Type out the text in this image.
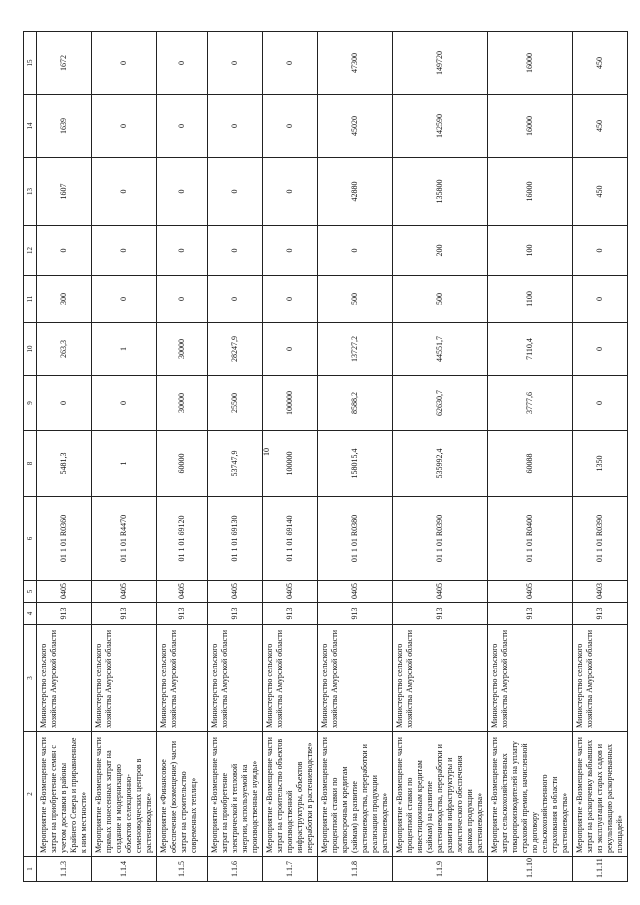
10
1	2	3	4	5	6	8	9	10	11	12	13	14	15
1.1.3	Мероприятие «Возмещение части затрат на приобретение семян с учетом доставки в районы Крайнего Севера и приравненные к ним местности»	Министерство сельского хозяйства Амурской области	913	0405	01 1 01 R0360	5481,3	0	263,3	300	0	1607	1639	1672
1.1.4	Мероприятие «Возмещение части прямых понесенных затрат на создание и модернизацию объектов селекционно-семеноводческих центров в растениеводстве»	Министерство сельского хозяйства Амурской области	913	0405	01 1 01 R4470	1	0	1	0	0	0	0	0
1.1.5	Мероприятие «Финансовое обеспечение (возмещение) части затрат на строительство современных теплиц»	Министерство сельского хозяйства Амурской области	913	0405	01 1 01 69120	60000	30000	30000	0	0	0	0	0
1.1.6	Мероприятие «Возмещение части затрат на приобретение электрической и тепловой энергии, используемой на производственные нужды»	Министерство сельского хозяйства Амурской области	913	0405	01 1 01 69130	53747,9	25500	28247,9	0	0	0	0	0
1.1.7	Мероприятие «Возмещение части затрат на строительство объектов производственной инфраструктуры, объектов переработки в растениеводстве»	Министерство сельского хозяйства Амурской области	913	0405	01 1 01 69140	100000	100000	0	0	0	0	0	0
1.1.8	Мероприятие «Возмещение части процентной ставки по краткосрочным кредитам (займам) на развитие растениеводства, переработки и реализации продукции растениеводства»	Министерство сельского хозяйства Амурской области	913	0405	01 1 01 R0380	158015,4	8588,2	13727,2	500	0	42880	45020	47300
1.1.9	Мероприятие «Возмещение части процентной ставки по инвестиционным кредитам (займам) на развитие растениеводства, переработки и развития инфраструктуры и логистического обеспечения рынков продукции растениеводства»	Министерство сельского хозяйства Амурской области	913	0405	01 1 01 R0390	535992,4	62630,7	44551,7	500	200	135800	142590	149720
1.1.10	Мероприятие «Возмещение части затрат сельскохозяйственных товаропроизводителей на уплату страховой премии, начисленной по договору сельскохозяйственного страхования в области растениеводства»	Министерство сельского хозяйства Амурской области	913	0405	01 1 01 R0400	60088	3777,6	7110,4	1100	100	16000	16000	16000
1.1.11	Мероприятие «Возмещение части затрат на раскорчевку выбывших из эксплуатации старых садов и рекультивацию раскорчеванных площадей»	Министерство сельского хозяйства Амурской области	913	0403	01 1 01 R0390	1350	0	0	0	0	450	450	450
